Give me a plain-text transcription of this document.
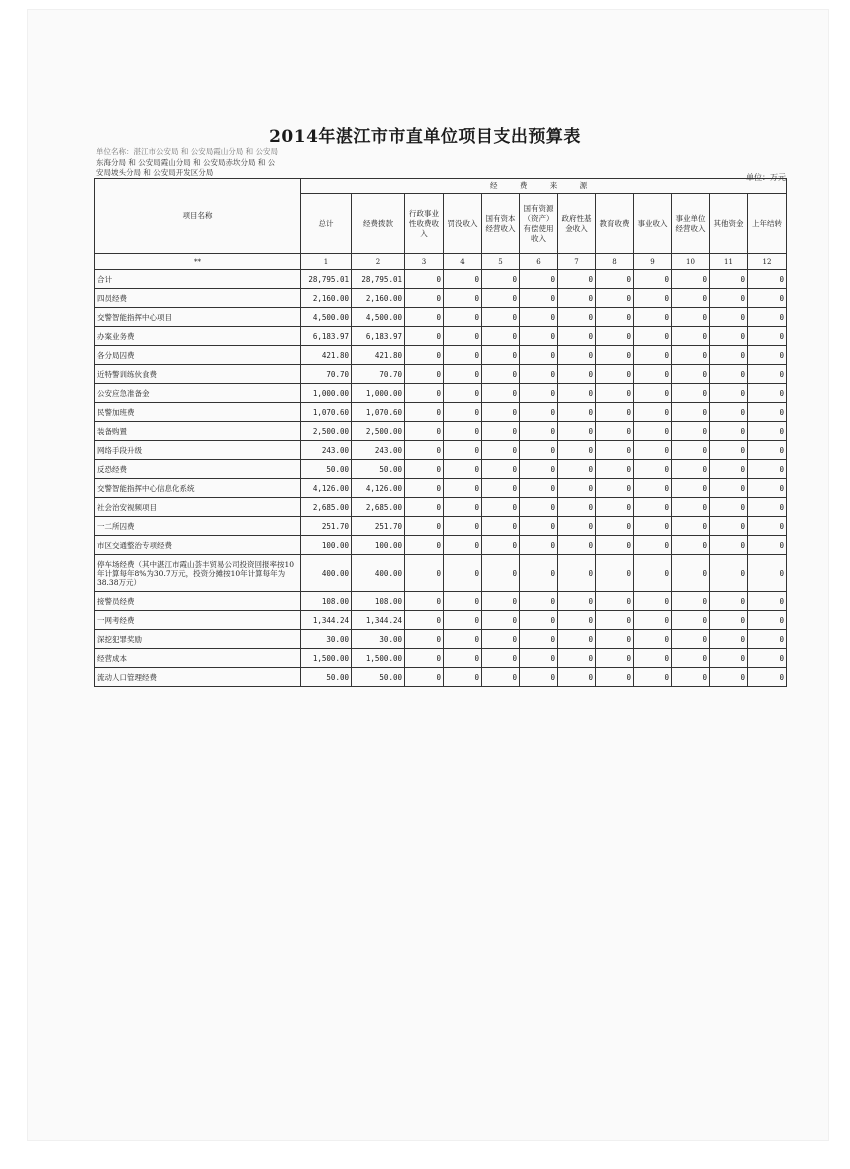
2014年湛江市市直单位项目支出预算表
单位名称：湛江市公安局 和 公安局霞山分局 和 公安局
东海分局 和 公安局霞山分局 和 公安局赤坎分局 和 公
安局坡头分局 和 公安局开发区分局
单位：万元
项目名称	经 费 来 源											
	总计	经费拨款	行政事业性收费收入	罚没收入	国有资本经营收入	国有资源（资产）有偿使用收入	政府性基金收入	教育收费	事业收入	事业单位经营收入	其他资金	上年结转
**	1	2	3	4	5	6	7	8	9	10	11	12
合计	28,795.01	28,795.01	0	0	0	0	0	0	0	0	0	0
四员经费	2,160.00	2,160.00	0	0	0	0	0	0	0	0	0	0
交警智能指挥中心项目	4,500.00	4,500.00	0	0	0	0	0	0	0	0	0	0
办案业务费	6,183.97	6,183.97	0	0	0	0	0	0	0	0	0	0
各分局囚费	421.80	421.80	0	0	0	0	0	0	0	0	0	0
近特警训练伙食费	70.70	70.70	0	0	0	0	0	0	0	0	0	0
公安应急准备金	1,000.00	1,000.00	0	0	0	0	0	0	0	0	0	0
民警加班费	1,070.60	1,070.60	0	0	0	0	0	0	0	0	0	0
装备购置	2,500.00	2,500.00	0	0	0	0	0	0	0	0	0	0
网络手段升级	243.00	243.00	0	0	0	0	0	0	0	0	0	0
反恐经费	50.00	50.00	0	0	0	0	0	0	0	0	0	0
交警智能指挥中心信息化系统	4,126.00	4,126.00	0	0	0	0	0	0	0	0	0	0
社会治安视频项目	2,685.00	2,685.00	0	0	0	0	0	0	0	0	0	0
一二所囚费	251.70	251.70	0	0	0	0	0	0	0	0	0	0
市区交通整治专项经费	100.00	100.00	0	0	0	0	0	0	0	0	0	0
停车场经费（其中湛江市霞山荟丰贸易公司投资回报率按10年计算每年8%为30.7万元，投资分摊按10年计算每年为38.38万元）	400.00	400.00	0	0	0	0	0	0	0	0	0	0
接警员经费	108.00	108.00	0	0	0	0	0	0	0	0	0	0
一网考经费	1,344.24	1,344.24	0	0	0	0	0	0	0	0	0	0
深挖犯罪奖励	30.00	30.00	0	0	0	0	0	0	0	0	0	0
经营成本	1,500.00	1,500.00	0	0	0	0	0	0	0	0	0	0
流动人口管理经费	50.00	50.00	0	0	0	0	0	0	0	0	0	0
